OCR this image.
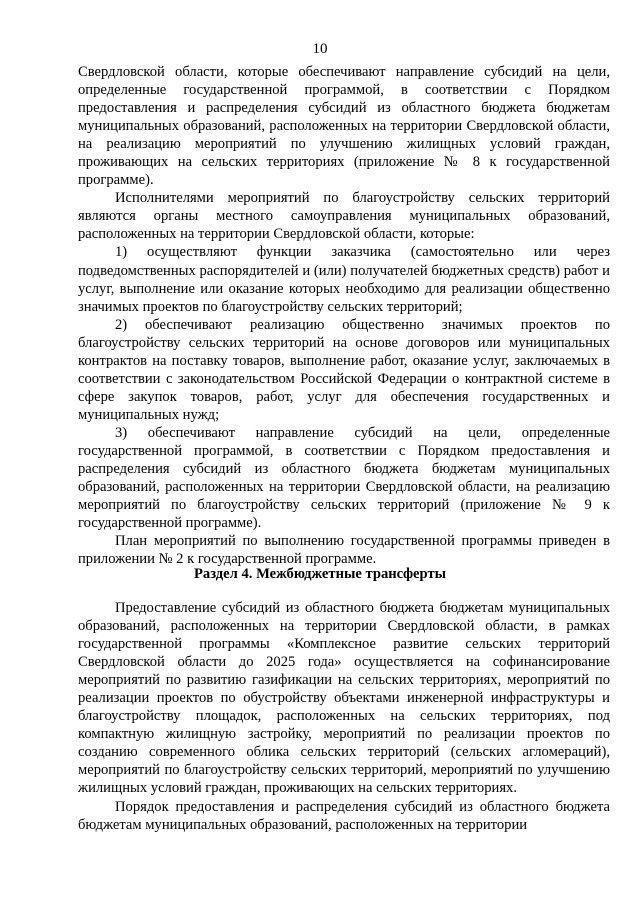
10

Свердловской области, которые обеспечивают направление субсидий на цели, определенные государственной программой, в соответствии с Порядком предоставления и распределения субсидий из областного бюджета бюджетам муниципальных образований, расположенных на территории Свердловской области, на реализацию мероприятий по улучшению жилищных условий граждан, проживающих на сельских территориях (приложение № 8 к государственной программе).

Исполнителями мероприятий по благоустройству сельских территорий являются органы местного самоуправления муниципальных образований, расположенных на территории Свердловской области, которые:

1) осуществляют функции заказчика (самостоятельно или через подведомственных распорядителей и (или) получателей бюджетных средств) работ и услуг, выполнение или оказание которых необходимо для реализации общественно значимых проектов по благоустройству сельских территорий;

2) обеспечивают реализацию общественно значимых проектов по благоустройству сельских территорий на основе договоров или муниципальных контрактов на поставку товаров, выполнение работ, оказание услуг, заключаемых в соответствии с законодательством Российской Федерации о контрактной системе в сфере закупок товаров, работ, услуг для обеспечения государственных и муниципальных нужд;

3) обеспечивают направление субсидий на цели, определенные государственной программой, в соответствии с Порядком предоставления и распределения субсидий из областного бюджета бюджетам муниципальных образований, расположенных на территории Свердловской области, на реализацию мероприятий по благоустройству сельских территорий (приложение № 9 к государственной программе).

План мероприятий по выполнению государственной программы приведен в приложении № 2 к государственной программе.

Раздел 4. Межбюджетные трансферты

Предоставление субсидий из областного бюджета бюджетам муниципальных образований, расположенных на территории Свердловской области, в рамках государственной программы «Комплексное развитие сельских территорий Свердловской области до 2025 года» осуществляется на софинансирование мероприятий по развитию газификации на сельских территориях, мероприятий по реализации проектов по обустройству объектами инженерной инфраструктуры и благоустройству площадок, расположенных на сельских территориях, под компактную жилищную застройку, мероприятий по реализации проектов по созданию современного облика сельских территорий (сельских агломераций), мероприятий по благоустройству сельских территорий, мероприятий по улучшению жилищных условий граждан, проживающих на сельских территориях.

Порядок предоставления и распределения субсидий из областного бюджета бюджетам муниципальных образований, расположенных на территории
